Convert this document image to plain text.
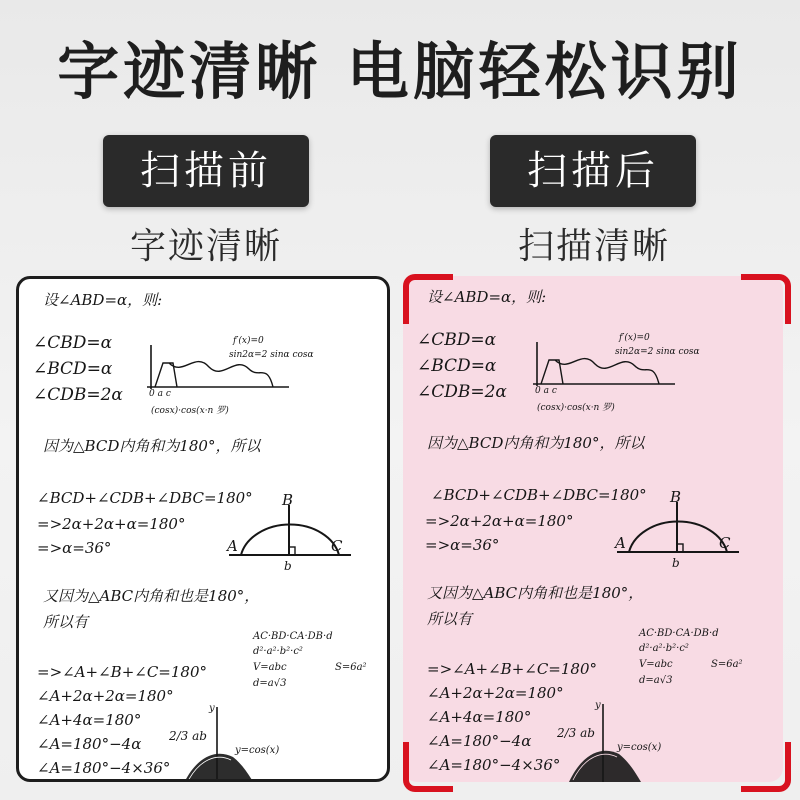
字迹清晰 电脑轻松识别
扫描前	扫描后
字迹清晰	扫描清晰
设∠ABD=α，则:
∠CBD=α
∠BCD=α
∠CDB=2α
f′(x)=0
sin2α=2 sinα cosα
0 a c
(cosx)·cos(x·n 罗)
因为△BCD内角和为180°，所以
∠BCD+∠CDB+∠DBC=180°
=>2α+2α+α=180°
=>α=36°
B
A	C
b
又因为△ABC内角和也是180°，
所以有
AC·BD·CA·DB·d
d²·a²·b²·c²
V=abc	S=6a²
d=a√3
=>∠A+∠B+∠C=180°
∠A+2α+2α=180°
∠A+4α=180°
∠A=180°−4α 2/3 ab
∠A=180°−4×36°
y
y=cos(x)
设∠ABD=α，则:
∠CBD=α
∠BCD=α
∠CDB=2α
f′(x)=0
sin2α=2 sinα cosα
0 a c
(cosx)·cos(x·n 罗)
因为△BCD内角和为180°，所以
∠BCD+∠CDB+∠DBC=180°
=>2α+2α+α=180°
=>α=36°
B
A	C
b
又因为△ABC内角和也是180°，
所以有
AC·BD·CA·DB·d
d²·a²·b²·c²
V=abc	S=6a²
d=a√3
=>∠A+∠B+∠C=180°
∠A+2α+2α=180°
∠A+4α=180°
∠A=180°−4α 2/3 ab
∠A=180°−4×36°
y
y=cos(x)
